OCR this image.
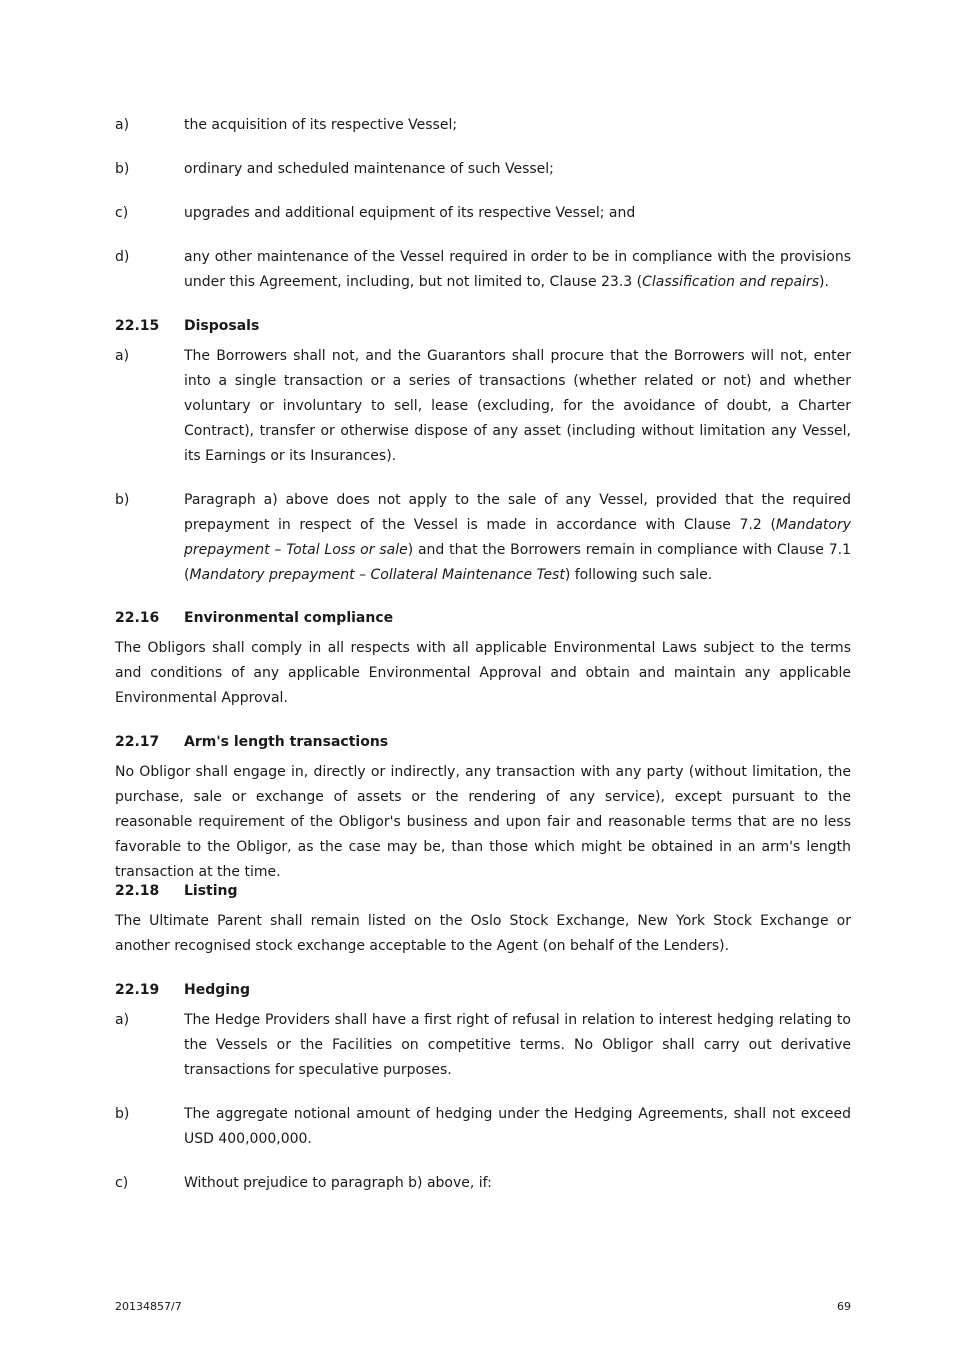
a)	the acquisition of its respective Vessel;
b)	ordinary and scheduled maintenance of such Vessel;
c)	upgrades and additional equipment of its respective Vessel; and
d)	any other maintenance of the Vessel required in order to be in compliance with the provisions under this Agreement, including, but not limited to, Clause 23.3 (Classification and repairs).
22.15 Disposals
a)	The Borrowers shall not, and the Guarantors shall procure that the Borrowers will not, enter into a single transaction or a series of transactions (whether related or not) and whether voluntary or involuntary to sell, lease (excluding, for the avoidance of doubt, a Charter Contract), transfer or otherwise dispose of any asset (including without limitation any Vessel, its Earnings or its Insurances).
b)	Paragraph a) above does not apply to the sale of any Vessel, provided that the required prepayment in respect of the Vessel is made in accordance with Clause 7.2 (Mandatory prepayment – Total Loss or sale) and that the Borrowers remain in compliance with Clause 7.1 (Mandatory prepayment – Collateral Maintenance Test) following such sale.
22.16 Environmental compliance
The Obligors shall comply in all respects with all applicable Environmental Laws subject to the terms and conditions of any applicable Environmental Approval and obtain and maintain any applicable Environmental Approval.
22.17 Arm's length transactions
No Obligor shall engage in, directly or indirectly, any transaction with any party (without limitation, the purchase, sale or exchange of assets or the rendering of any service), except pursuant to the reasonable requirement of the Obligor's business and upon fair and reasonable terms that are no less favorable to the Obligor, as the case may be, than those which might be obtained in an arm's length transaction at the time.
22.18 Listing
The Ultimate Parent shall remain listed on the Oslo Stock Exchange, New York Stock Exchange or another recognised stock exchange acceptable to the Agent (on behalf of the Lenders).
22.19 Hedging
a)	The Hedge Providers shall have a first right of refusal in relation to interest hedging relating to the Vessels or the Facilities on competitive terms. No Obligor shall carry out derivative transactions for speculative purposes.
b)	The aggregate notional amount of hedging under the Hedging Agreements, shall not exceed USD 400,000,000.
c)	Without prejudice to paragraph b) above, if:
20134857/7	69
